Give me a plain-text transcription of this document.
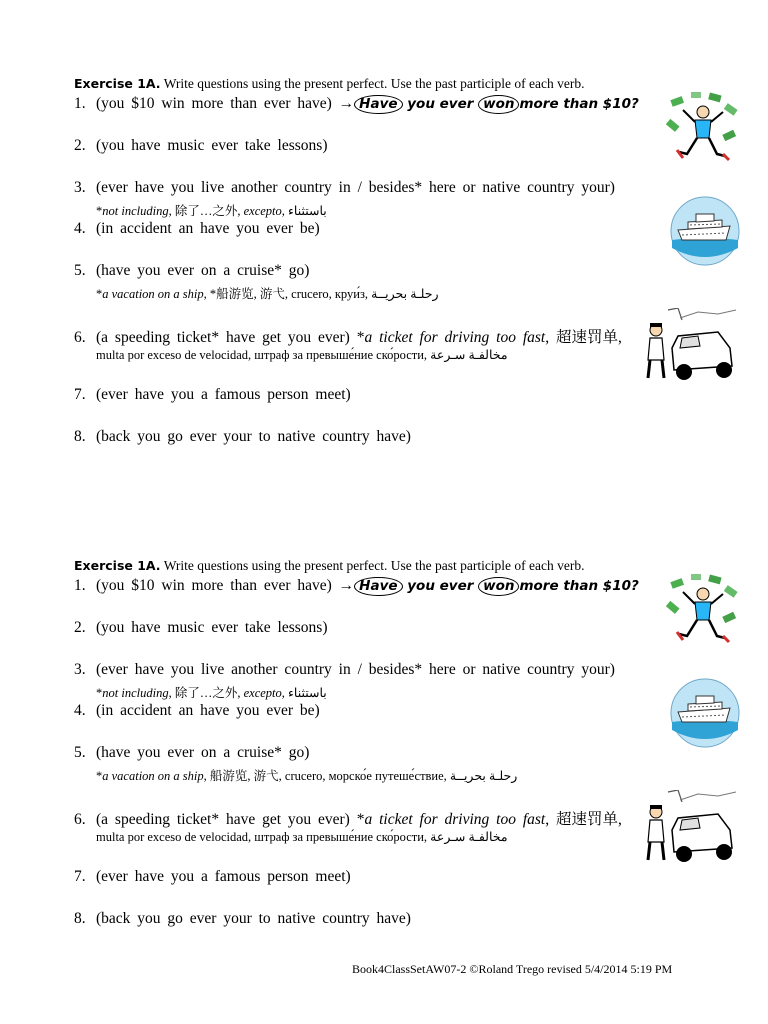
Exercise 1A. Write questions using the present perfect. Use the past participle of each verb.
1. (you $10 win more than ever have) → Have you ever won more than $10?
2. (you have music ever take lessons)
3. (ever have you live another country in / besides* here or native country your)
*not including, 除了…之外, excepto, باستثناء
4. (in accident an have you ever be)
5. (have you ever on a cruise* go)
*a vacation on a ship, *船游览, 游弋, crucero, круи́з, رحلـة بحريــة
6. (a speeding ticket* have get you ever) *a ticket for driving too fast, 超速罚单,
multa por exceso de velocidad, штраф за превыше́ние ско́рости, مخالفـة سـرعة
7. (ever have you a famous person meet)
8. (back you go ever your to native country have)
Exercise 1A. Write questions using the present perfect. Use the past participle of each verb.
1. (you $10 win more than ever have) → Have you ever won more than $10?
2. (you have music ever take lessons)
3. (ever have you live another country in / besides* here or native country your)
*not including, 除了…之外, excepto, باستثناء
4. (in accident an have you ever be)
5. (have you ever on a cruise* go)
*a vacation on a ship, 船游览, 游弋, crucero, морско́е путеше́ствие, رحلـة بحريــة
6. (a speeding ticket* have get you ever) *a ticket for driving too fast, 超速罚单,
multa por exceso de velocidad, штраф за превыше́ние ско́рости, مخالفـة سـرعة
7. (ever have you a famous person meet)
8. (back you go ever your to native country have)
Book4ClassSetAW07-2 ©Roland Trego revised 5/4/2014 5:19 PM
